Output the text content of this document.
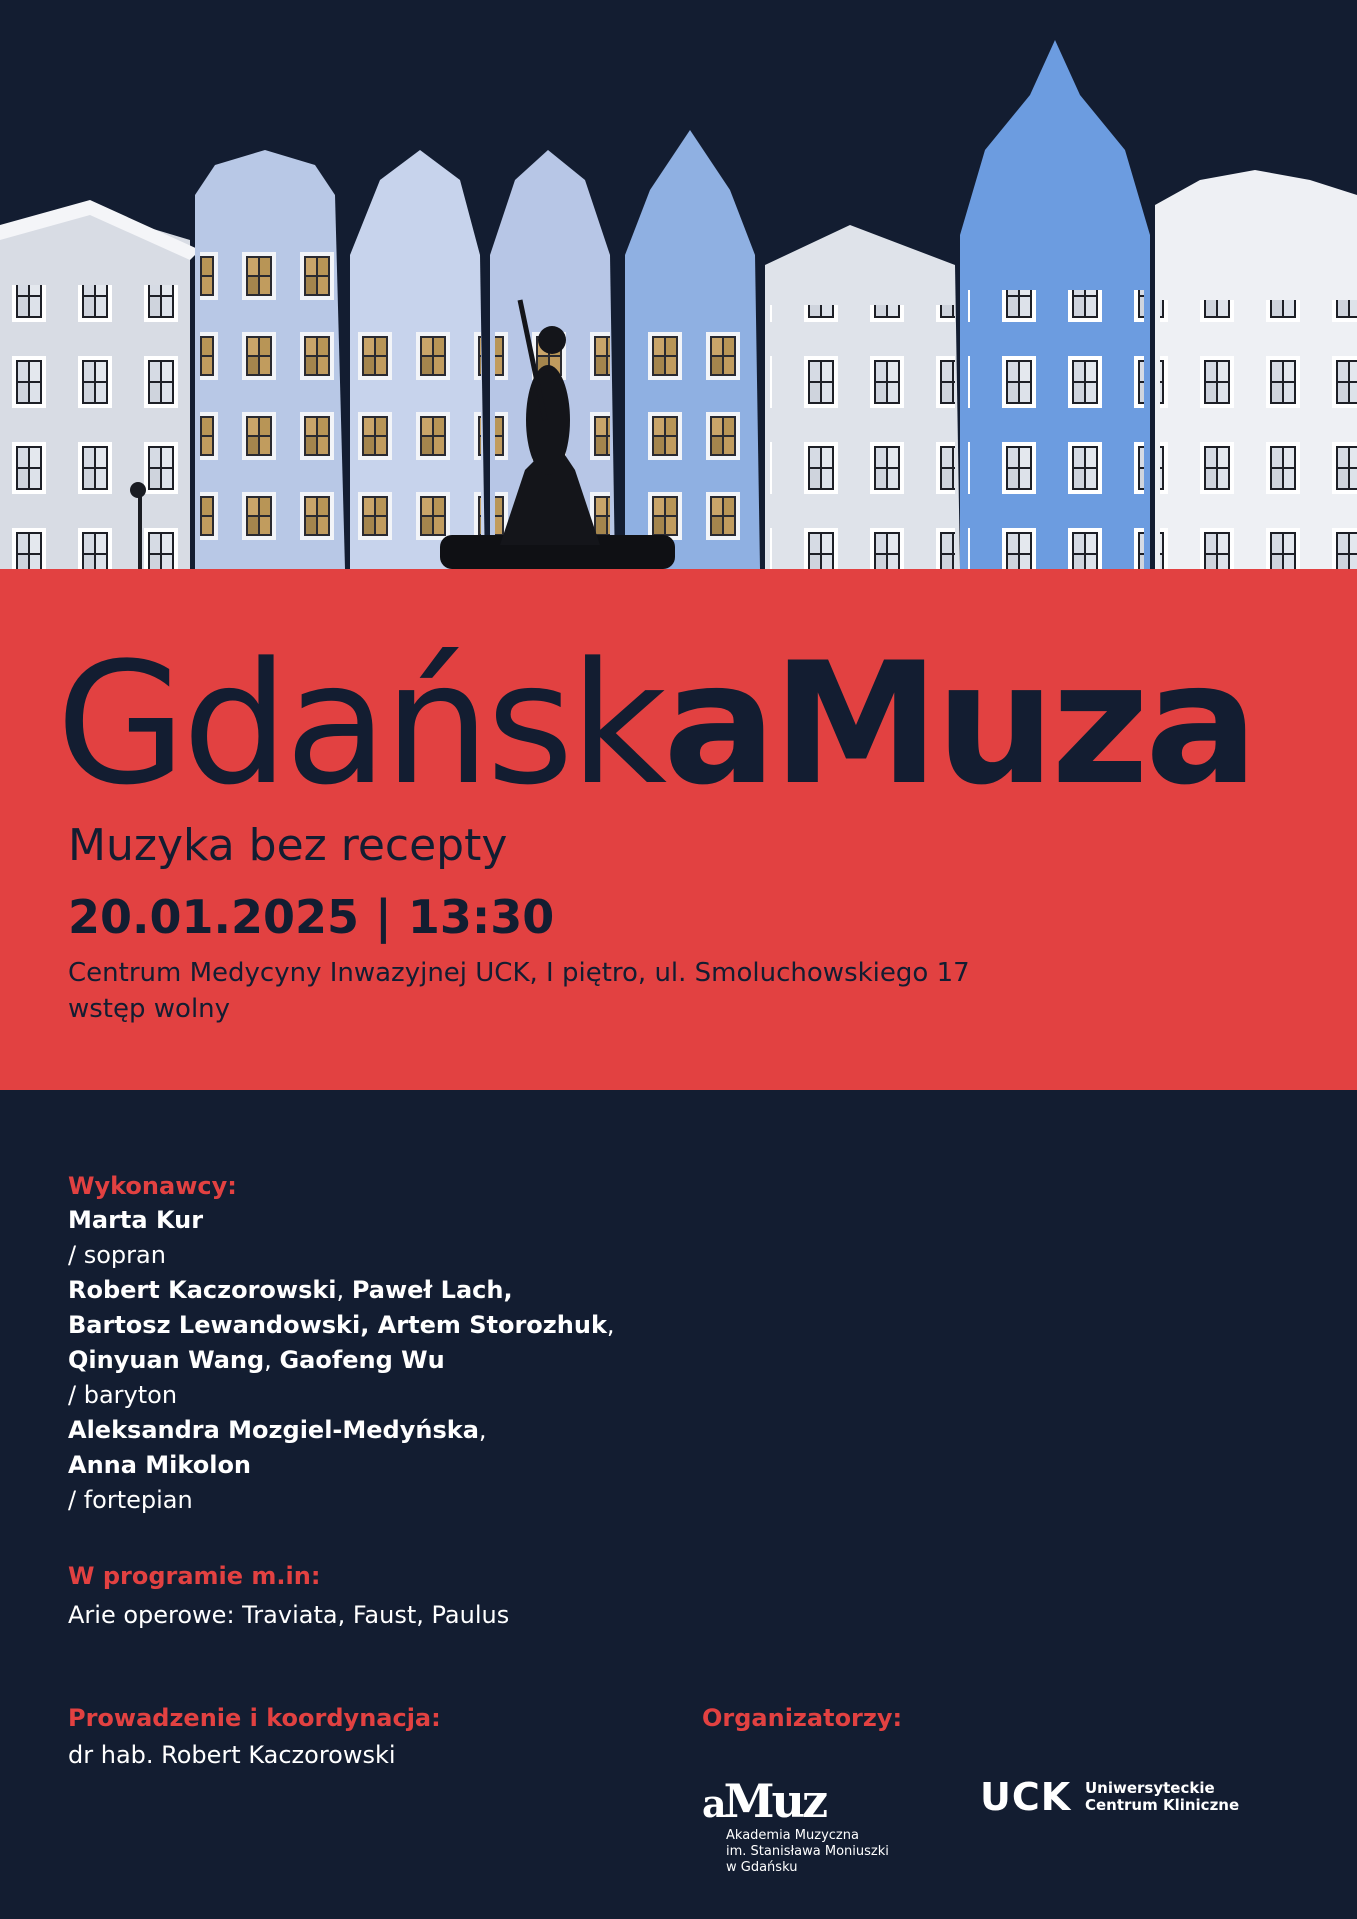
GdańskaMuza

Muzyka bez recepty

20.01.2025 | 13:30

Centrum Medycyny Inwazyjnej UCK, I piętro, ul. Smoluchowskiego 17
wstęp wolny

Wykonawcy:

Marta Kur
/ sopran
Robert Kaczorowski, Paweł Lach,
Bartosz Lewandowski, Artem Storozhuk,
Qinyuan Wang, Gaofeng Wu
/ baryton
Aleksandra Mozgiel-Medyńska,
Anna Mikolon
/ fortepian

W programie m.in:

Arie operowe: Traviata, Faust, Paulus

Prowadzenie i koordynacja:

dr hab. Robert Kaczorowski

Organizatorzy:

aMuz
Akademia Muzyczna
im. Stanisława Moniuszki
w Gdańsku
UCK Uniwersyteckie
Centrum Kliniczne
